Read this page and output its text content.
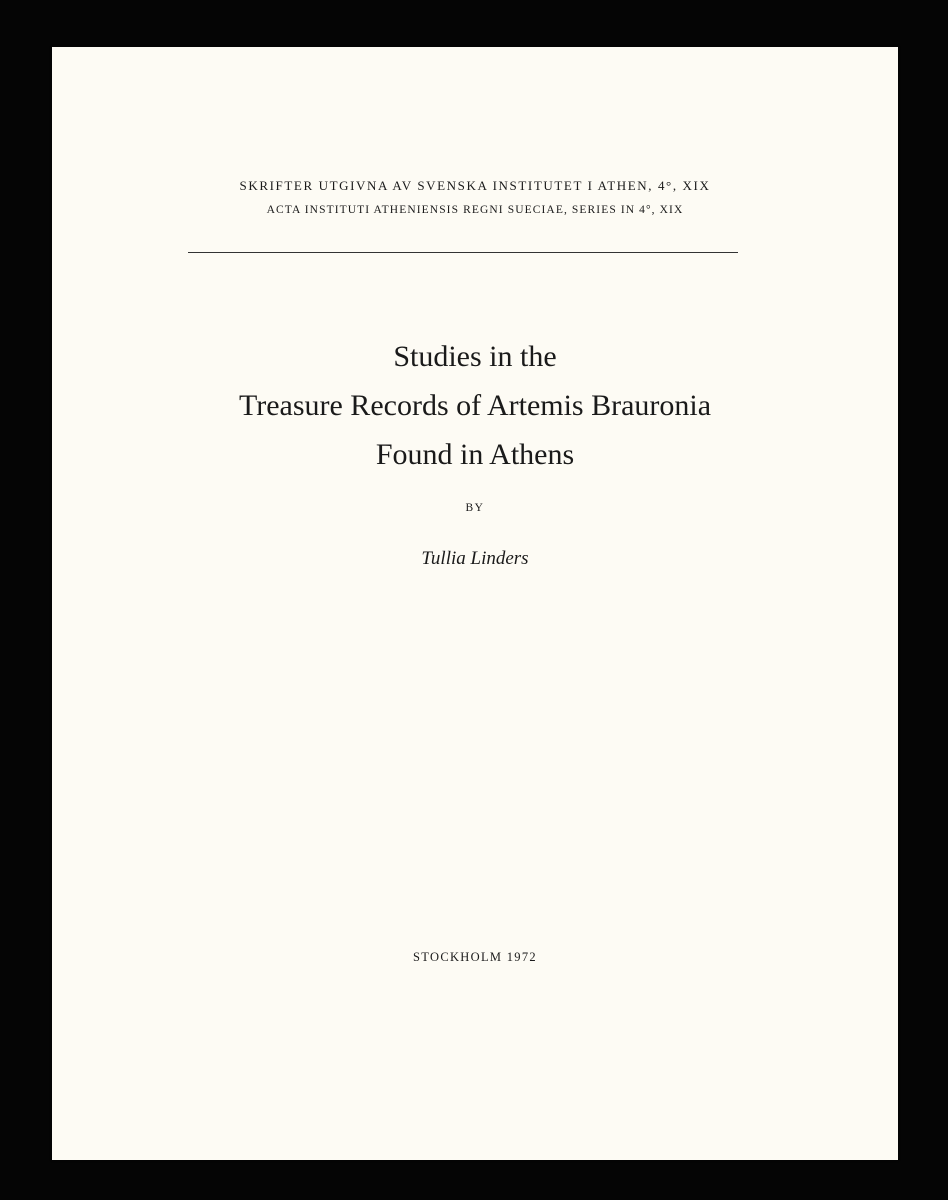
SKRIFTER UTGIVNA AV SVENSKA INSTITUTET I ATHEN, 4°, XIX
ACTA INSTITUTI ATHENIENSIS REGNI SUECIAE, SERIES IN 4°, XIX
Studies in the
Treasure Records of Artemis Brauronia
Found in Athens
BY
Tullia Linders
STOCKHOLM 1972
